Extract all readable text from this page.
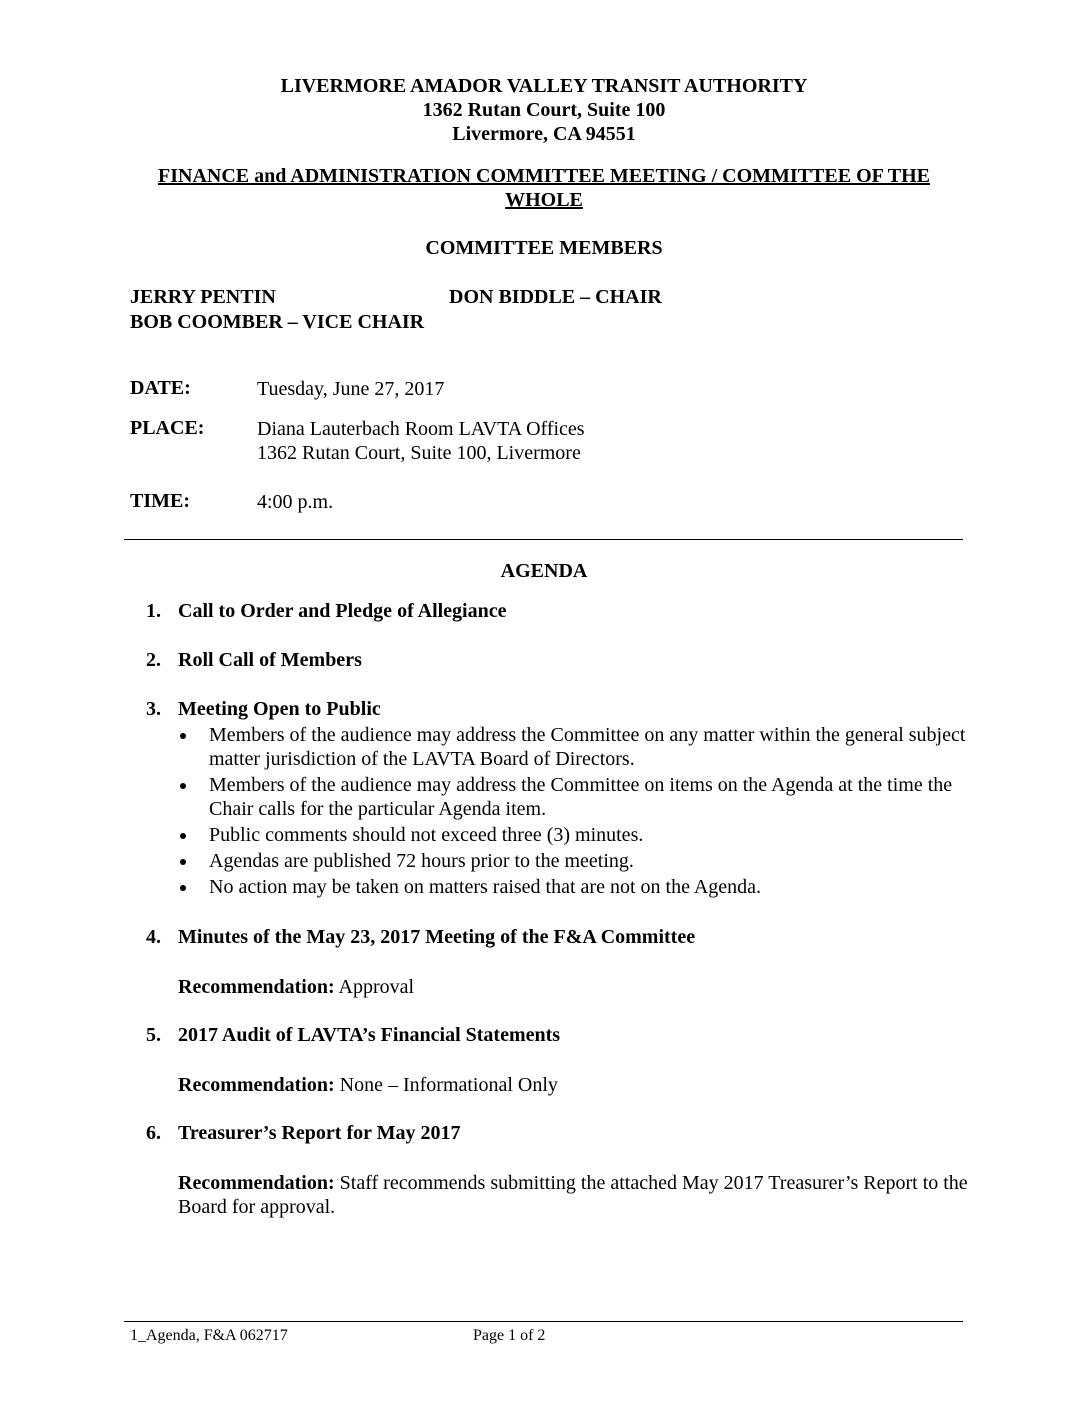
LIVERMORE AMADOR VALLEY TRANSIT AUTHORITY
1362 Rutan Court, Suite 100
Livermore, CA 94551
FINANCE and ADMINISTRATION COMMITTEE MEETING / COMMITTEE OF THE WHOLE
COMMITTEE MEMBERS
JERRY PENTIN	DON BIDDLE – CHAIR
BOB COOMBER – VICE CHAIR
DATE:	Tuesday, June 27, 2017
PLACE:	Diana Lauterbach Room LAVTA Offices
1362 Rutan Court, Suite 100, Livermore
TIME:	4:00 p.m.
AGENDA
1. Call to Order and Pledge of Allegiance
2. Roll Call of Members
3. Meeting Open to Public
Members of the audience may address the Committee on any matter within the general subject matter jurisdiction of the LAVTA Board of Directors.
Members of the audience may address the Committee on items on the Agenda at the time the Chair calls for the particular Agenda item.
Public comments should not exceed three (3) minutes.
Agendas are published 72 hours prior to the meeting.
No action may be taken on matters raised that are not on the Agenda.
4. Minutes of the May 23, 2017 Meeting of the F&A Committee
Recommendation: Approval
5. 2017 Audit of LAVTA’s Financial Statements
Recommendation: None – Informational Only
6. Treasurer’s Report for May 2017
Recommendation: Staff recommends submitting the attached May 2017 Treasurer’s Report to the Board for approval.
1_Agenda, F&A 062717	Page 1 of 2
